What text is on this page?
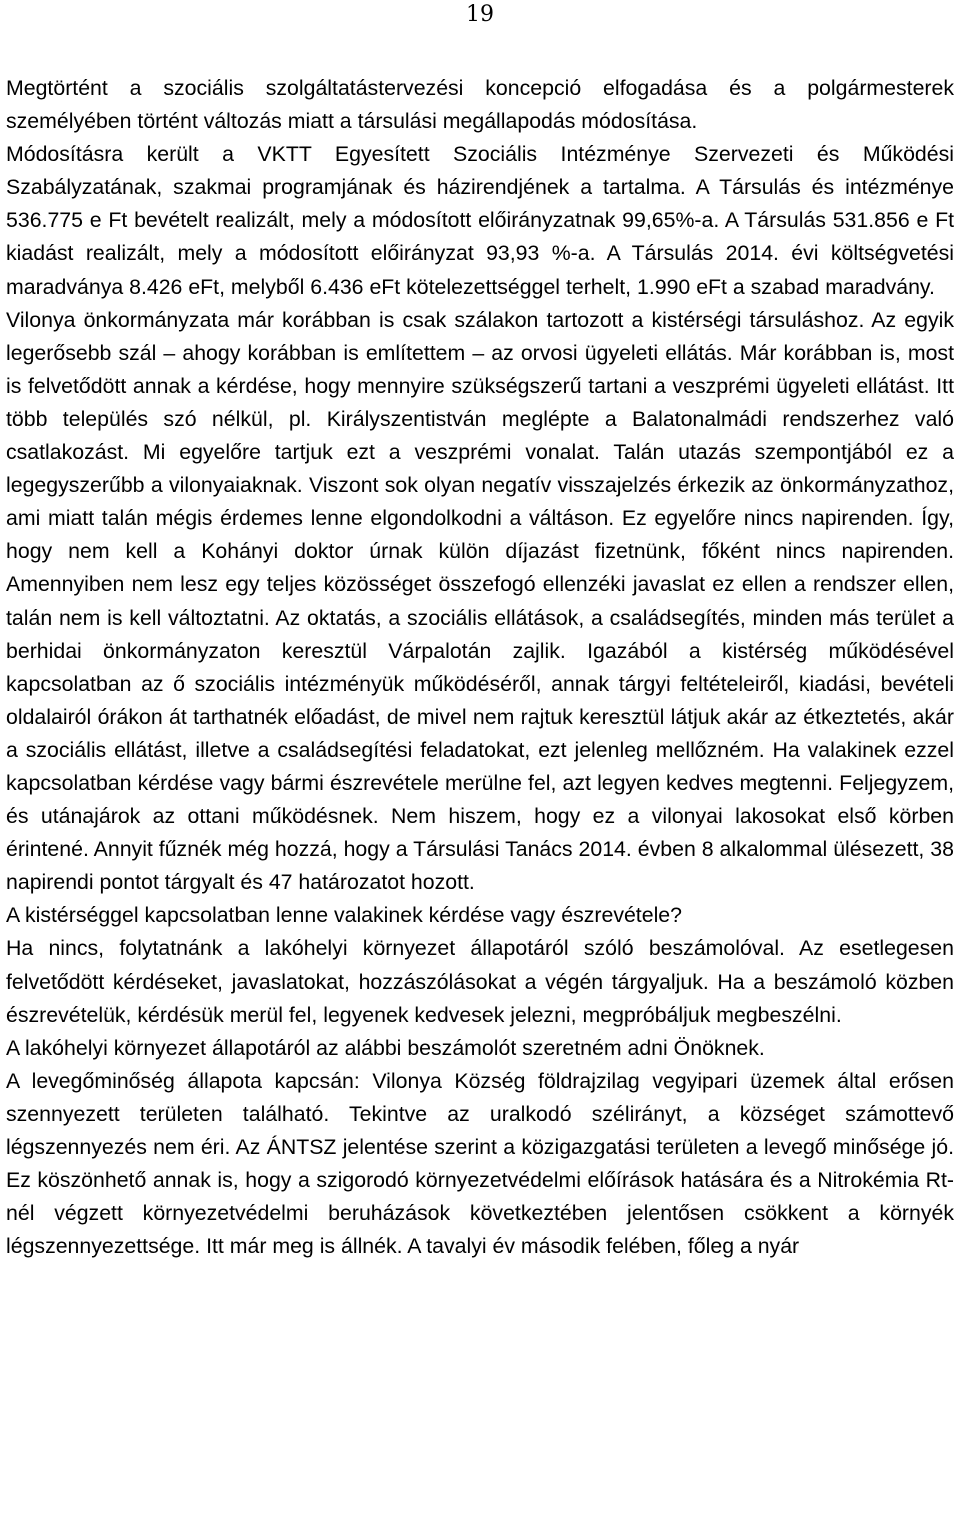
19

Megtörtént a szociális szolgáltatástervezési koncepció elfogadása és a polgármesterek személyében történt változás miatt a társulási megállapodás módosítása.

Módosításra került a VKTT Egyesített Szociális Intézménye Szervezeti és Működési Szabályzatának, szakmai programjának és házirendjének a tartalma. A Társulás és intézménye 536.775 e Ft bevételt realizált, mely a módosított előirányzatnak 99,65%-a. A Társulás 531.856 e Ft kiadást realizált, mely a módosított előirányzat 93,93 %-a. A Társulás 2014. évi költségvetési maradványa 8.426 eFt, melyből 6.436 eFt kötelezettséggel terhelt, 1.990 eFt a szabad maradvány.

Vilonya önkormányzata már korábban is csak szálakon tartozott a kistérségi társuláshoz. Az egyik legerősebb szál – ahogy korábban is említettem – az orvosi ügyeleti ellátás. Már korábban is, most is felvetődött annak a kérdése, hogy mennyire szükségszerű tartani a veszprémi ügyeleti ellátást. Itt több település szó nélkül, pl. Királyszentistván meglépte a Balatonalmádi rendszerhez való csatlakozást. Mi egyelőre tartjuk ezt a veszprémi vonalat. Talán utazás szempontjából ez a legegyszerűbb a vilonyaiaknak. Viszont sok olyan negatív visszajelzés érkezik az önkormányzathoz, ami miatt talán mégis érdemes lenne elgondolkodni a váltáson. Ez egyelőre nincs napirenden. Így, hogy nem kell a Kohányi doktor úrnak külön díjazást fizetnünk, főként nincs napirenden. Amennyiben nem lesz egy teljes közösséget összefogó ellenzéki javaslat ez ellen a rendszer ellen, talán nem is kell változtatni. Az oktatás, a szociális ellátások, a családsegítés, minden más terület a berhidai önkormányzaton keresztül Várpalotán zajlik. Igazából a kistérség működésével kapcsolatban az ő szociális intézményük működéséről, annak tárgyi feltételeiről, kiadási, bevételi oldalairól órákon át tarthatnék előadást, de mivel nem rajtuk keresztül látjuk akár az étkeztetés, akár a szociális ellátást, illetve a családsegítési feladatokat, ezt jelenleg mellőzném. Ha valakinek ezzel kapcsolatban kérdése vagy bármi észrevétele merülne fel, azt legyen kedves megtenni. Feljegyzem, és utánajárok az ottani működésnek. Nem hiszem, hogy ez a vilonyai lakosokat első körben érintené. Annyit fűznék még hozzá, hogy a Társulási Tanács 2014. évben 8 alkalommal ülésezett, 38 napirendi pontot tárgyalt és 47 határozatot hozott.

A kistérséggel kapcsolatban lenne valakinek kérdése vagy észrevétele?

Ha nincs, folytatnánk a lakóhelyi környezet állapotáról szóló beszámolóval. Az esetlegesen felvetődött kérdéseket, javaslatokat, hozzászólásokat a végén tárgyaljuk. Ha a beszámoló közben észrevételük, kérdésük merül fel, legyenek kedvesek jelezni, megpróbáljuk megbeszélni.

A lakóhelyi környezet állapotáról az alábbi beszámolót szeretném adni Önöknek.

A levegőminőség állapota kapcsán: Vilonya Község földrajzilag vegyipari üzemek által erősen szennyezett területen található. Tekintve az uralkodó szélirányt, a községet számottevő légszennyezés nem éri. Az ÁNTSZ jelentése szerint a közigazgatási területen a levegő minősége jó. Ez köszönhető annak is, hogy a szigorodó környezetvédelmi előírások hatására és a Nitrokémia Rt-nél végzett környezetvédelmi beruházások következtében jelentősen csökkent a környék légszennyezettsége. Itt már meg is állnék. A tavalyi év második felében, főleg a nyár
